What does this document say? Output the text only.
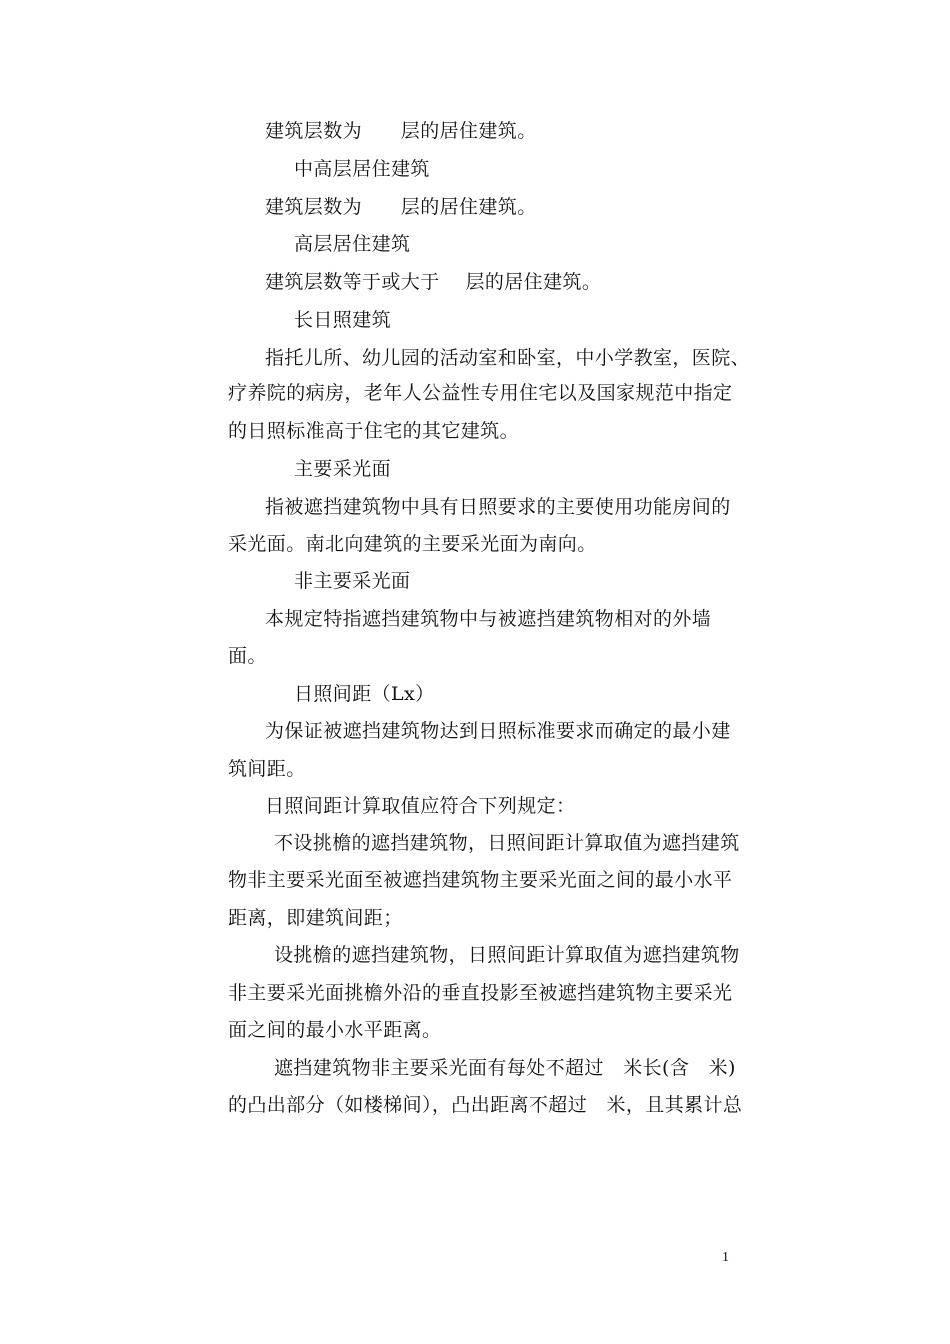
建筑层数为　　层的居住建筑。
中高层居住建筑
建筑层数为　　层的居住建筑。
高层居住建筑
建筑层数等于或大于　 层的居住建筑。
长日照建筑
指托儿所、幼儿园的活动室和卧室，中小学教室，医院、
疗养院的病房，老年人公益性专用住宅以及国家规范中指定
的日照标准高于住宅的其它建筑。
主要采光面
指被遮挡建筑物中具有日照要求的主要使用功能房间的
采光面。南北向建筑的主要采光面为南向。
非主要采光面
本规定特指遮挡建筑物中与被遮挡建筑物相对的外墙
面。
日照间距（Lx）
为保证被遮挡建筑物达到日照标准要求而确定的最小建
筑间距。
日照间距计算取值应符合下列规定：
不设挑檐的遮挡建筑物，日照间距计算取值为遮挡建筑
物非主要采光面至被遮挡建筑物主要采光面之间的最小水平
距离，即建筑间距；
设挑檐的遮挡建筑物，日照间距计算取值为遮挡建筑物
非主要采光面挑檐外沿的垂直投影至被遮挡建筑物主要采光
面之间的最小水平距离。
遮挡建筑物非主要采光面有每处不超过　米长(含　米)
的凸出部分（如楼梯间），凸出距离不超过　米，且其累计总
1
